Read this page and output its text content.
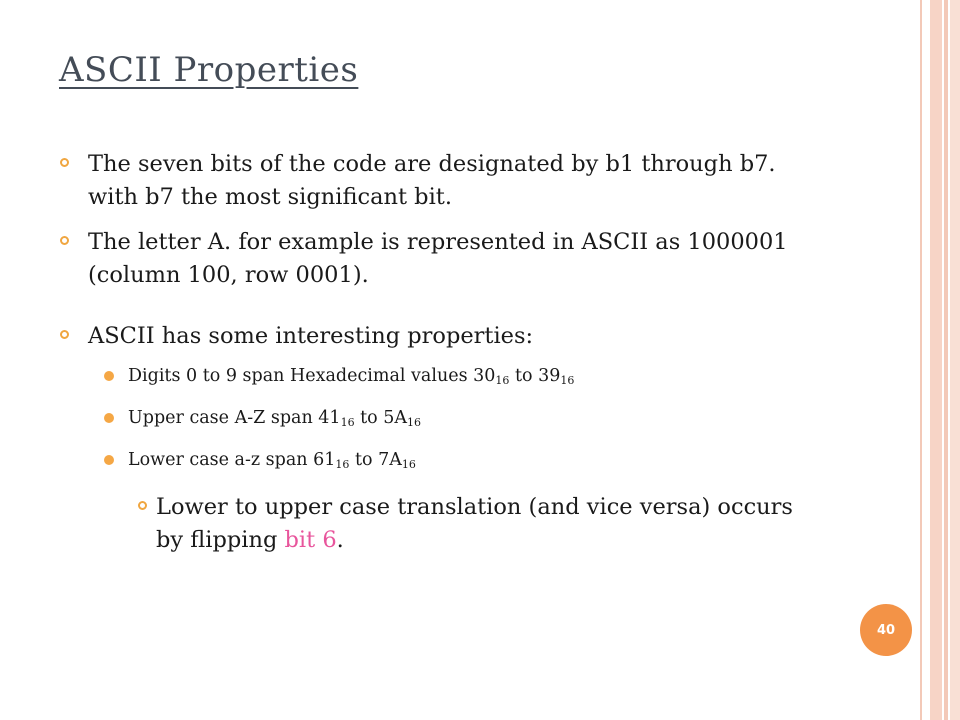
ASCII Properties
The seven bits of the code are designated by b1 through b7. with b7 the most significant bit.
The letter A. for example is represented in ASCII as 1000001 (column 100, row 0001).
ASCII has some interesting properties:
Digits 0 to 9 span Hexadecimal values $30_{16}$ to $39_{16}$
Upper case A-Z span $41_{16}$ to $5A_{16}$
Lower case a-z span $61_{16}$ to $7A_{16}$
Lower to upper case translation (and vice versa) occurs by flipping bit 6.
40
